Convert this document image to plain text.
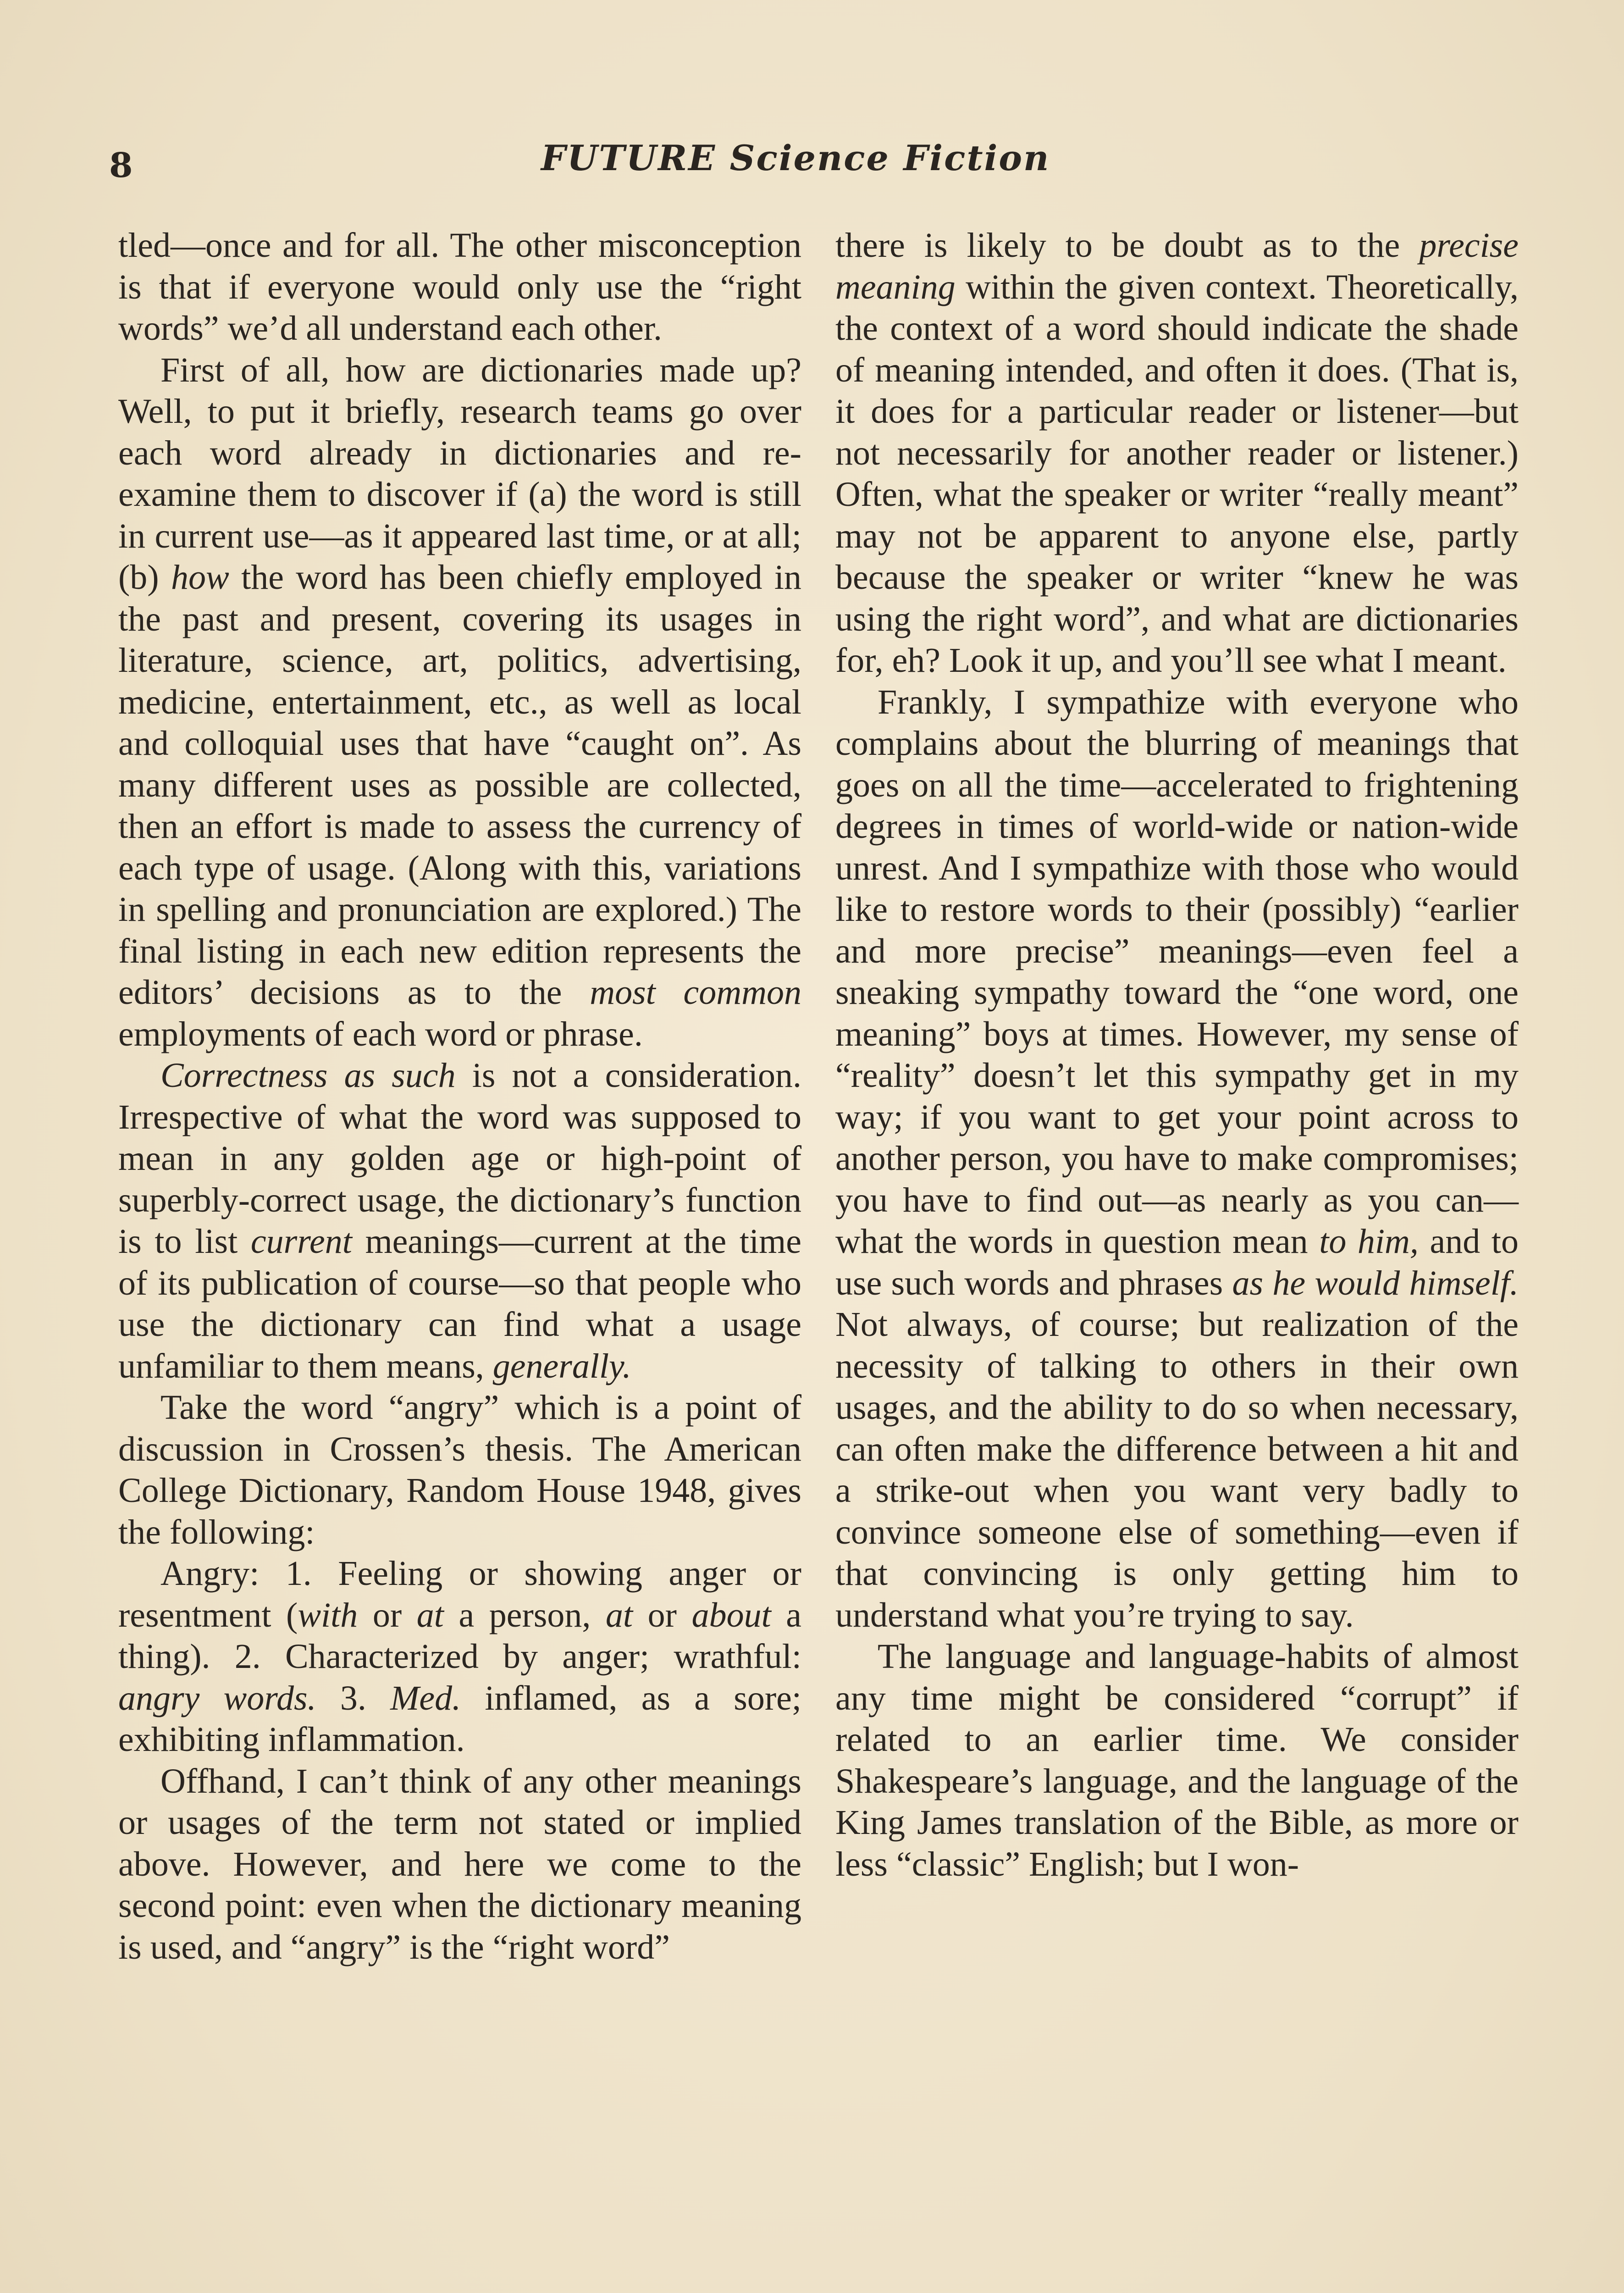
8	FUTURE Science Fiction

tled—once and for all. The other misconception is that if everyone would only use the “right words” we’d all understand each other.

First of all, how are dictionaries made up? Well, to put it briefly, research teams go over each word already in dictionaries and re-examine them to discover if (a) the word is still in current use—as it appeared last time, or at all; (b) how the word has been chiefly employed in the past and present, covering its usages in literature, science, art, politics, advertising, medicine, entertainment, etc., as well as local and colloquial uses that have “caught on”. As many different uses as possible are collected, then an effort is made to assess the currency of each type of usage. (Along with this, variations in spelling and pronunciation are explored.) The final listing in each new edition represents the editors’ decisions as to the most common employments of each word or phrase.

Correctness as such is not a consideration. Irrespective of what the word was supposed to mean in any golden age or high-point of superbly-correct usage, the dictionary’s function is to list current meanings—current at the time of its publication of course—so that people who use the dictionary can find what a usage unfamiliar to them means, generally.

Take the word “angry” which is a point of discussion in Crossen’s thesis. The American College Dictionary, Random House 1948, gives the following:

Angry: 1. Feeling or showing anger or resentment (with or at a person, at or about a thing). 2. Characterized by anger; wrathful: angry words. 3. Med. inflamed, as a sore; exhibiting inflammation.

Offhand, I can’t think of any other meanings or usages of the term not stated or implied above. However, and here we come to the second point: even when the dictionary meaning is used, and “angry” is the “right word”

there is likely to be doubt as to the precise meaning within the given context. Theoretically, the context of a word should indicate the shade of meaning intended, and often it does. (That is, it does for a particular reader or listener—but not necessarily for another reader or listener.) Often, what the speaker or writer “really meant” may not be apparent to anyone else, partly because the speaker or writer “knew he was using the right word”, and what are dictionaries for, eh? Look it up, and you’ll see what I meant.

Frankly, I sympathize with everyone who complains about the blurring of meanings that goes on all the time—accelerated to frightening degrees in times of world-wide or nation-wide unrest. And I sympathize with those who would like to restore words to their (possibly) “earlier and more precise” meanings—even feel a sneaking sympathy toward the “one word, one meaning” boys at times. However, my sense of “reality” doesn’t let this sympathy get in my way; if you want to get your point across to another person, you have to make compromises; you have to find out—as nearly as you can—what the words in question mean to him, and to use such words and phrases as he would himself. Not always, of course; but realization of the necessity of talking to others in their own usages, and the ability to do so when necessary, can often make the difference between a hit and a strike-out when you want very badly to convince someone else of something—even if that convincing is only getting him to understand what you’re trying to say.

The language and language-habits of almost any time might be considered “corrupt” if related to an earlier time. We consider Shakespeare’s language, and the language of the King James translation of the Bible, as more or less “classic” English; but I won-
